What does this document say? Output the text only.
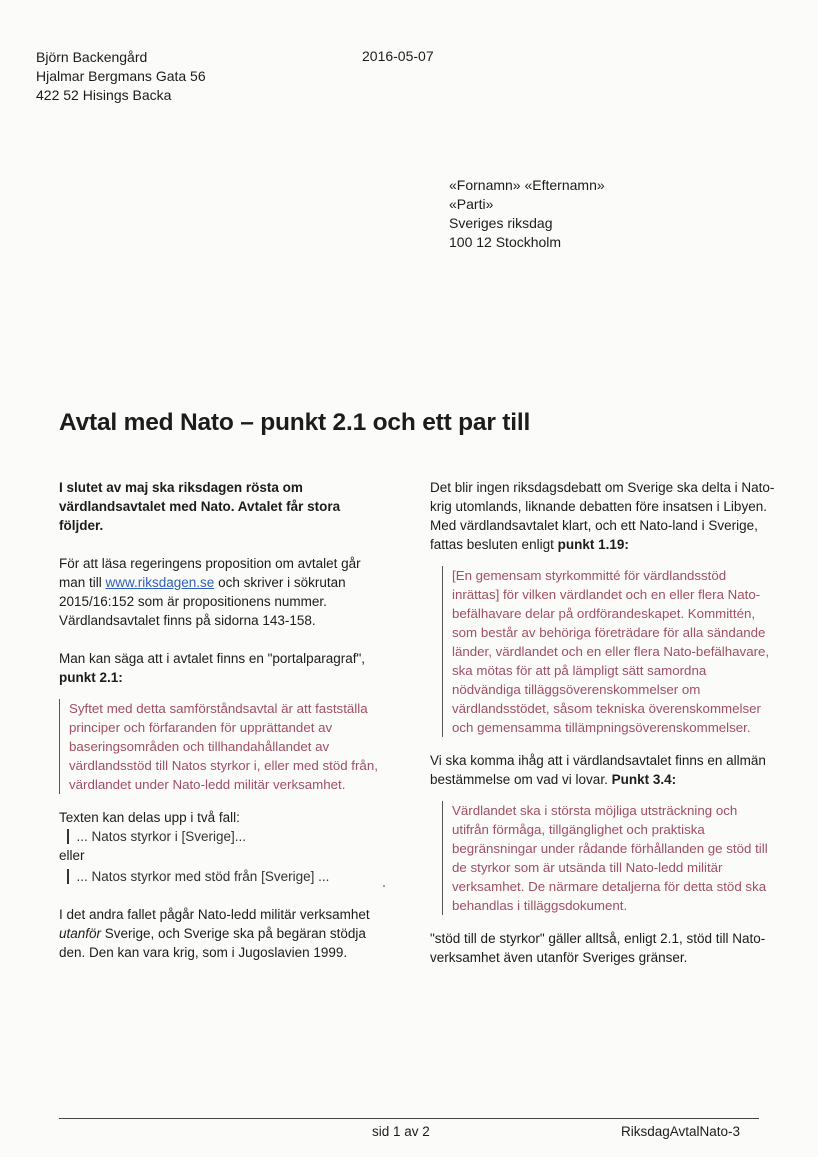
Björn Backengård
Hjalmar Bergmans Gata 56
422 52 Hisings Backa
2016-05-07
«Fornamn» «Efternamn»
«Parti»
Sveriges riksdag
100 12 Stockholm
Avtal med Nato – punkt 2.1 och ett par till

I slutet av maj ska riksdagen rösta om värdlandsavtalet med Nato. Avtalet får stora följder.

För att läsa regeringens proposition om avtalet går man till www.riksdagen.se och skriver i sökrutan 2015/16:152 som är propositionens nummer. Värdlandsavtalet finns på sidorna 143-158.

Man kan säga att i avtalet finns en "portalparagraf", punkt 2.1:

Syftet med detta samförståndsavtal är att fastställa principer och förfaranden för upprättandet av baseringsområden och tillhandahållandet av värdlandsstöd till Natos styrkor i, eller med stöd från, värdlandet under Nato-ledd militär verksamhet.

Texten kan delas upp i två fall:

... Natos styrkor i [Sverige]...

eller

... Natos styrkor med stöd från [Sverige] ...

I det andra fallet pågår Nato-ledd militär verksamhet utanför Sverige, och Sverige ska på begäran stödja den. Den kan vara krig, som i Jugoslavien 1999.

Det blir ingen riksdagsdebatt om Sverige ska delta i Nato-krig utomlands, liknande debatten före insatsen i Libyen. Med värdlandsavtalet klart, och ett Nato-land i Sverige, fattas besluten enligt punkt 1.19:

[En gemensam styrkommitté för värdlandsstöd inrättas] för vilken värdlandet och en eller flera Nato-befälhavare delar på ordförandeskapet. Kommittén, som består av behöriga företrädare för alla sändande länder, värdlandet och en eller flera Nato-befälhavare, ska mötas för att på lämpligt sätt samordna nödvändiga tilläggsöverenskommelser om värdlandsstödet, såsom tekniska överenskommelser och gemensamma tillämpningsöverenskommelser.

Vi ska komma ihåg att i värdlandsavtalet finns en allmän bestämmelse om vad vi lovar. Punkt 3.4:

Värdlandet ska i största möjliga utsträckning och utifrån förmåga, tillgänglighet och praktiska begränsningar under rådande förhållanden ge stöd till de styrkor som är utsända till Nato-ledd militär verksamhet. De närmare detaljerna för detta stöd ska behandlas i tilläggsdokument.

"stöd till de styrkor" gäller alltså, enligt 2.1, stöd till Nato-verksamhet även utanför Sveriges gränser.

sid 1 av 2	RiksdagAvtalNato-3
